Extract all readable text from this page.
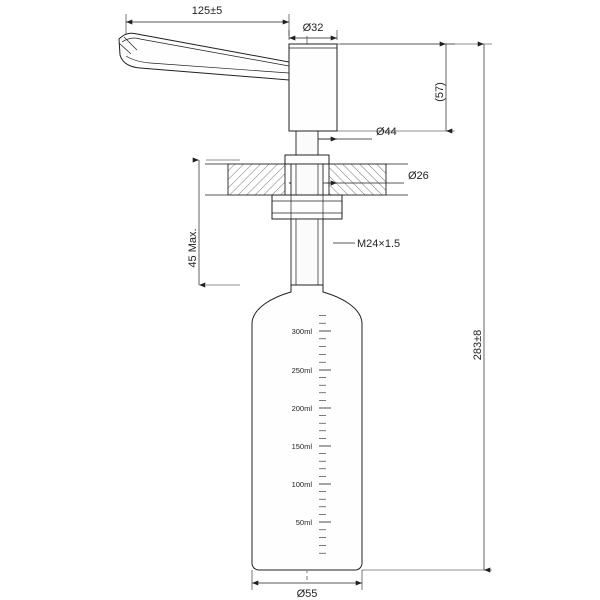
125±5
Ø32
(57)
Ø44
Ø26
45 Max.	M24×1.5
283±8
Ø55
300ml
250ml
200ml
150ml
100ml
50ml
